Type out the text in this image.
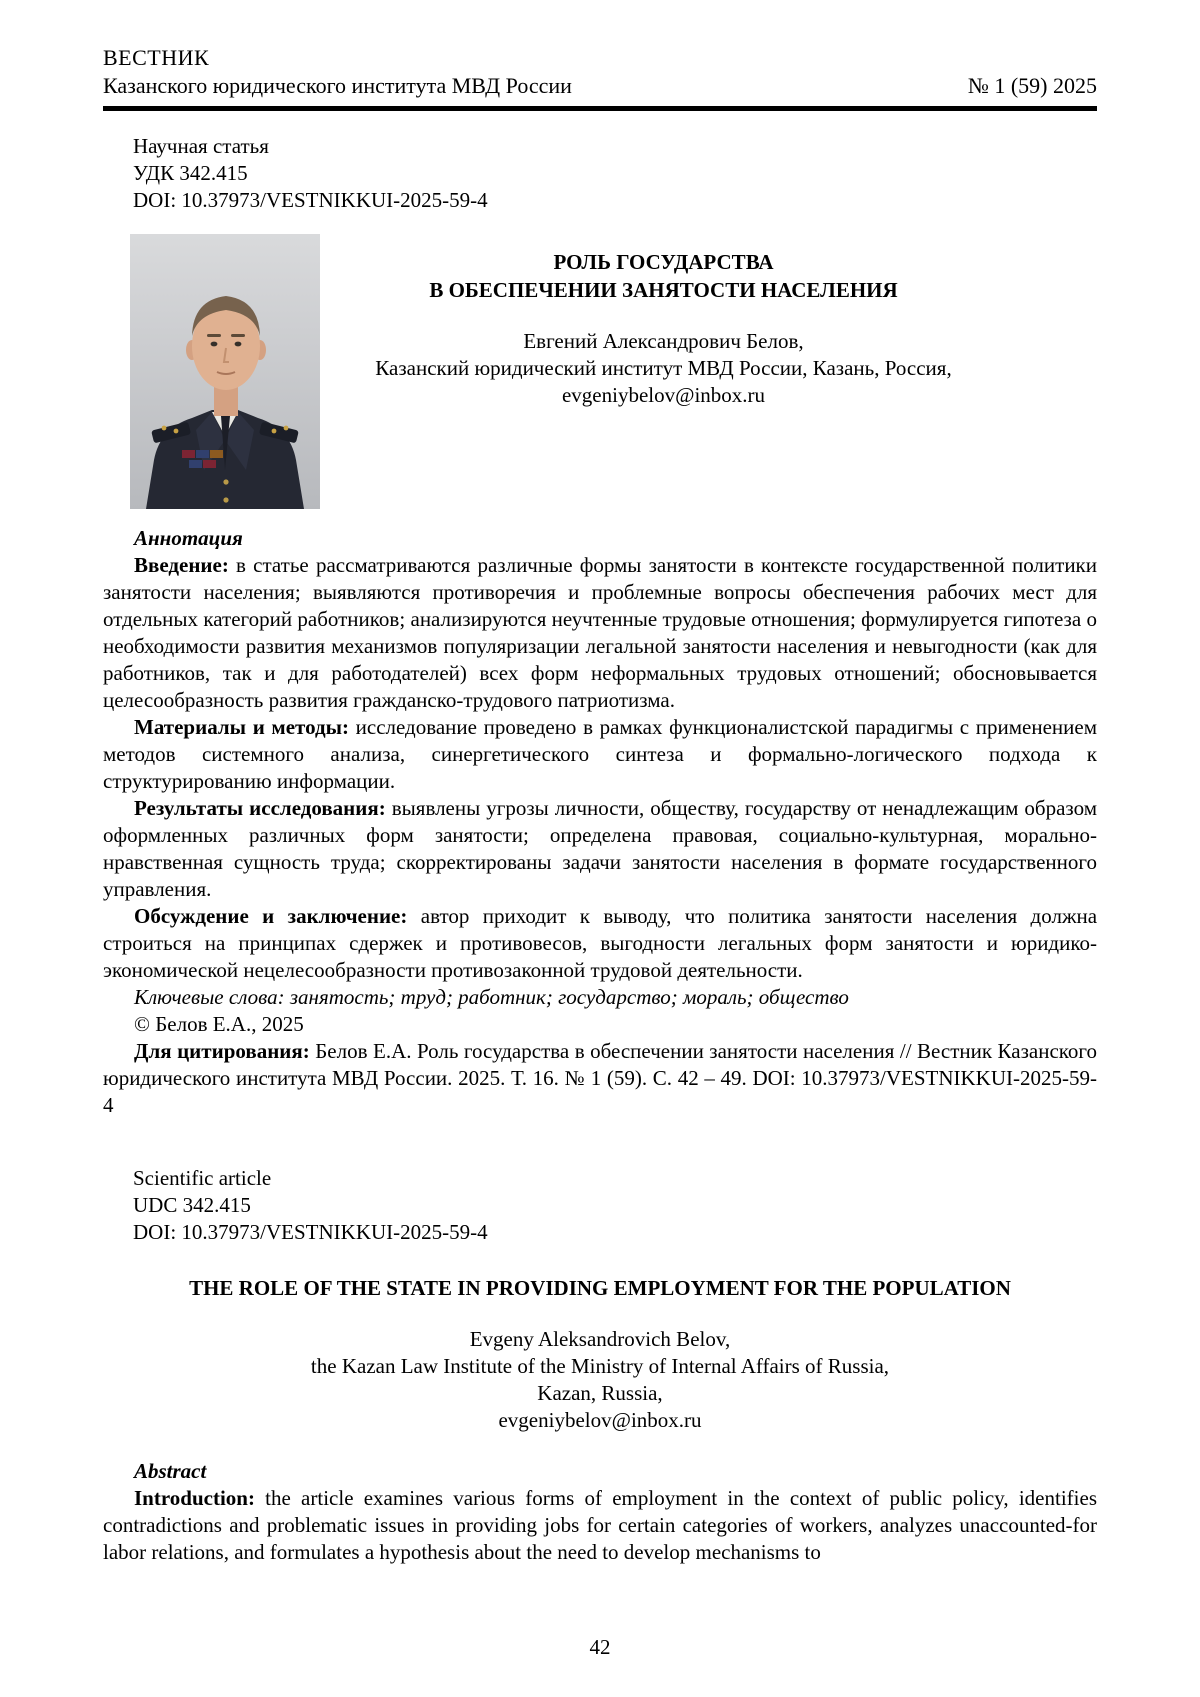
ВЕСТНИК
Казанского юридического института МВД России	№ 1 (59) 2025
Научная статья
УДК 342.415
DOI: 10.37973/VESTNIKKUI-2025-59-4
РОЛЬ ГОСУДАРСТВА
В ОБЕСПЕЧЕНИИ ЗАНЯТОСТИ НАСЕЛЕНИЯ
Евгений Александрович Белов,
Казанский юридический институт МВД России, Казань, Россия,
evgeniybelov@inbox.ru

Аннотация

Введение: в статье рассматриваются различные формы занятости в контексте государственной политики занятости населения; выявляются противоречия и проблемные вопросы обеспечения рабочих мест для отдельных категорий работников; анализируются неучтенные трудовые отношения; формулируется гипотеза о необходимости развития механизмов популяризации легальной занятости населения и невыгодности (как для работников, так и для работодателей) всех форм неформальных трудовых отношений; обосновывается целесообразность развития гражданско-трудового патриотизма.

Материалы и методы: исследование проведено в рамках функционалистской парадигмы с применением методов системного анализа, синергетического синтеза и формально-логического подхода к структурированию информации.

Результаты исследования: выявлены угрозы личности, обществу, государству от ненадлежащим образом оформленных различных форм занятости; определена правовая, социально-культурная, морально-нравственная сущность труда; скорректированы задачи занятости населения в формате государственного управления.

Обсуждение и заключение: автор приходит к выводу, что политика занятости населения должна строиться на принципах сдержек и противовесов, выгодности легальных форм занятости и юридико-экономической нецелесообразности противозаконной трудовой деятельности.

Ключевые слова: занятость; труд; работник; государство; мораль; общество

© Белов Е.А., 2025

Для цитирования: Белов Е.А. Роль государства в обеспечении занятости населения // Вестник Казанского юридического института МВД России. 2025. Т. 16. № 1 (59). С. 42 – 49. DOI: 10.37973/VESTNIKKUI-2025-59-4

Scientific article
UDC 342.415
DOI: 10.37973/VESTNIKKUI-2025-59-4
THE ROLE OF THE STATE IN PROVIDING EMPLOYMENT FOR THE POPULATION
Evgeny Aleksandrovich Belov,
the Kazan Law Institute of the Ministry of Internal Affairs of Russia,
Kazan, Russia,
evgeniybelov@inbox.ru

Abstract

Introduction: the article examines various forms of employment in the context of public policy, identifies contradictions and problematic issues in providing jobs for certain categories of workers, analyzes unaccounted-for labor relations, and formulates a hypothesis about the need to develop mechanisms to

42
